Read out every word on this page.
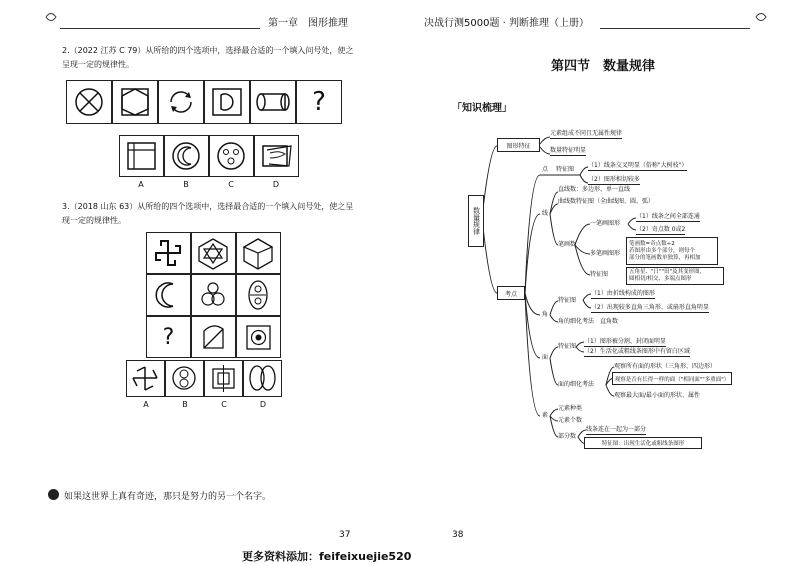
第一章　图形推理
2.（2022 江苏 C 79）从所给的四个选项中，选择最合适的一个填入问号处，使之
呈现一定的规律性。
?
A	B	C	D
3.（2018 山东 63）从所给的四个选项中，选择最合适的一个填入问号处，使之呈
现一定的规律性。
?
A	B	C	D
如果这世界上真有奇迹，那只是努力的另一个名字。
37
决战行测5000题 · 判断推理（上册）
第四节　数量规律
「知识梳理」
数量规律
图形特征
元素组成不同且无属性规律
数量特征明显
考点
点 特征图
（1）线条交叉明显（俗称"大树枝"）
（2）图形相切较多
线
直线数：多边形、单一直线
曲线数特征图（全曲线图、圆、弧）
笔画数
一笔画图形
（1）线条之间全部连通
（2）奇点数 0或2
多笔画图形
笔画数=奇点数÷2
若图形由多个部分，则每个
部分的笔画数单独算，再相加
特征图	五角星、"日""田"及其变形图，
圆相切/相交、多端点图形
角
特征图
（1）由折线构成的图形
（2）出现较多直角三角形、或扇形直角明显
角的细化考法　直角数
面
特征图
（1）图形被分割、封闭面明显
（2）生活化或粗线条图形中有留白区域
面的细化考法
观察所有面的形状（三角形、四边形）
观察是否有长得一样的面（"相同面""多重面"）
观察最大面/最小面的形状、属性
素
元素种类
元素个数
部分数
线条连在一起为一部分
特征图：出现生活化或粗线条图形
38
更多资料添加：feifeixuejie520
